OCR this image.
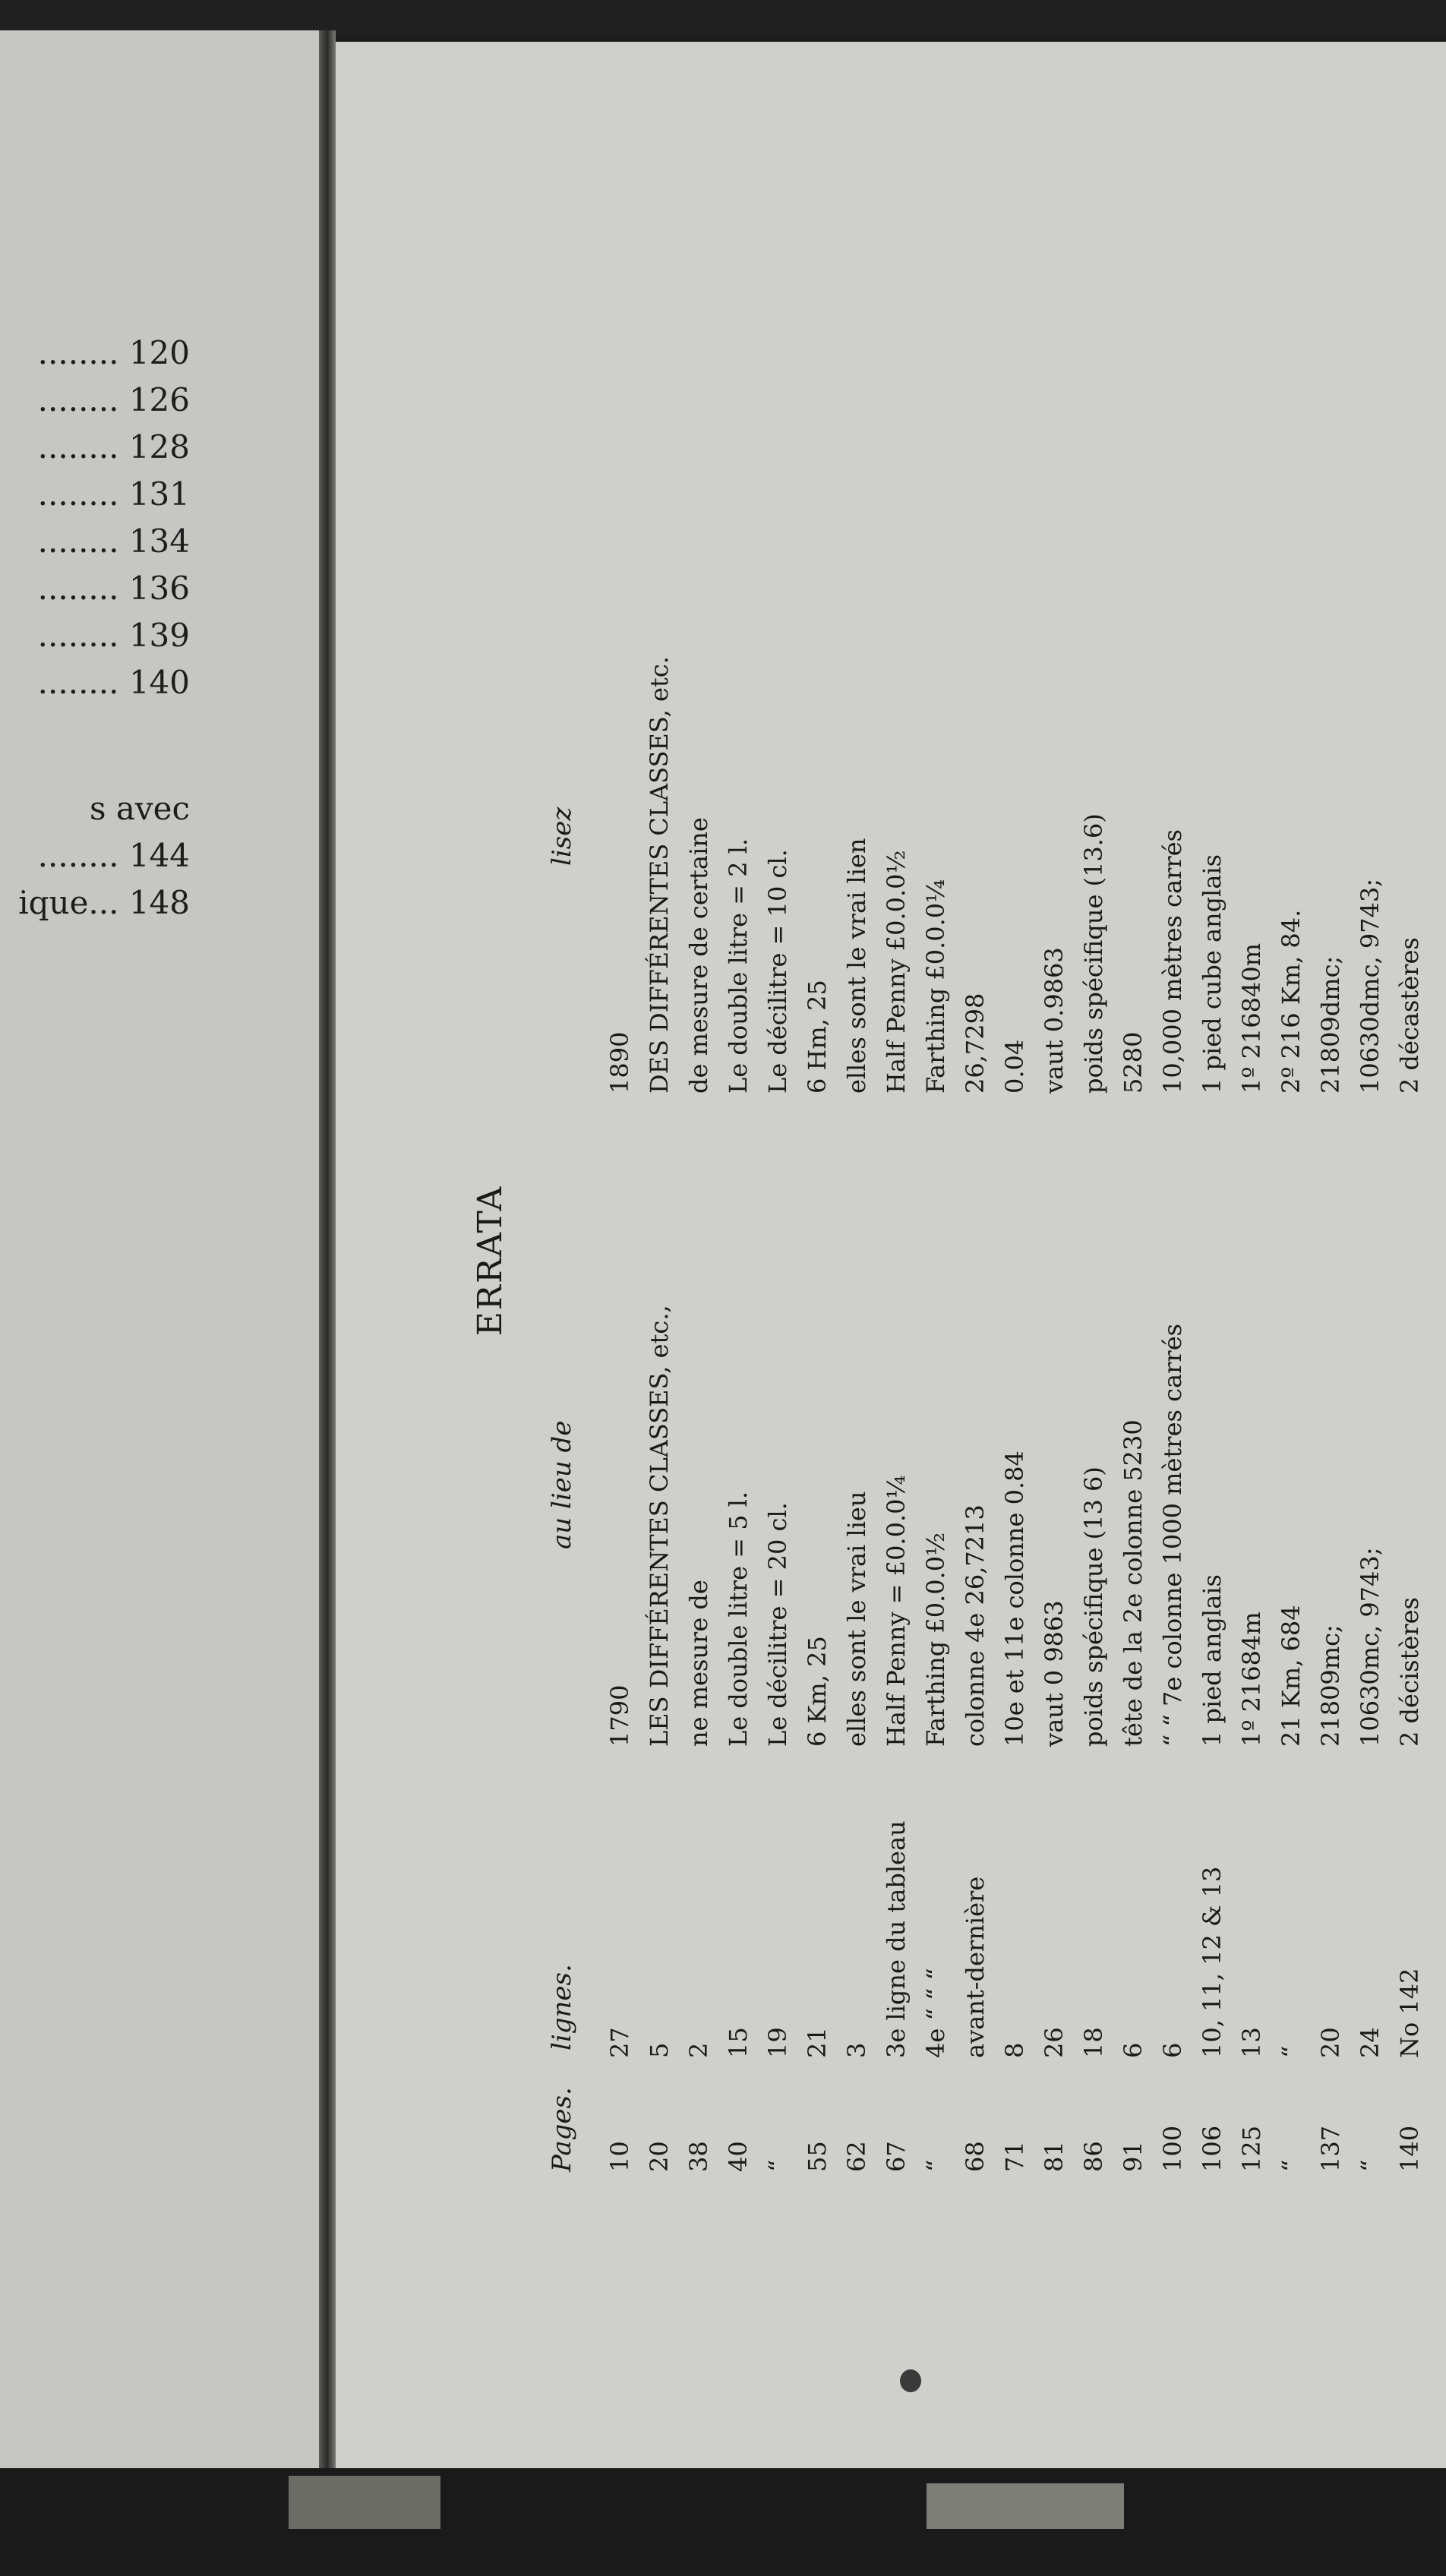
........ 120
........ 126
........ 128
........ 131
........ 134
........ 136
........ 139
........ 140
s avec
........ 144
ique... 148
ERRATA
Pages.
lignes.
au lieu de
lisez
10
27
1790
1890
20
5
LES DIFFÉRENTES CLASSES, etc.,
DES DIFFÉRENTES CLASSES, etc.
38
2
ne mesure de
de mesure de certaine
40
15
Le double litre = 5 l.
Le double litre = 2 l.
“
19
Le décilitre = 20 cl.
Le décilitre = 10 cl.
55
21
6 Km, 25
6 Hm, 25
62
3
elles sont le vrai lieu
elles sont le vrai lien
67
3e ligne du tableau
Half Penny = £0.0.0¼
Half Penny £0.0.0½
“
4e “ “ “
Farthing £0.0.0½
Farthing £0.0.0¼
68
avant-dernière
colonne 4e 26,7213
26,7298
71
8
10e et 11e colonne 0.84
0.04
81
26
vaut 0 9863
vaut 0.9863
86
18
poids spécifique (13 6)
poids spécifique (13.6)
91
6
tête de la 2e colonne 5230
5280
100
6
“ “ 7e colonne 1000 mètres carrés
10,000 mètres carrés
106
10, 11, 12 & 13
1 pied anglais
1 pied cube anglais
125
13
1º 21684m
1º 216840m
“
“
21 Km, 684
2º 216 Km, 84.
137
20
21809mc;
21809dmc;
“
24
10630mc, 9743;
10630dmc, 9743;
140
No 142
2 décistères
2 décastères
